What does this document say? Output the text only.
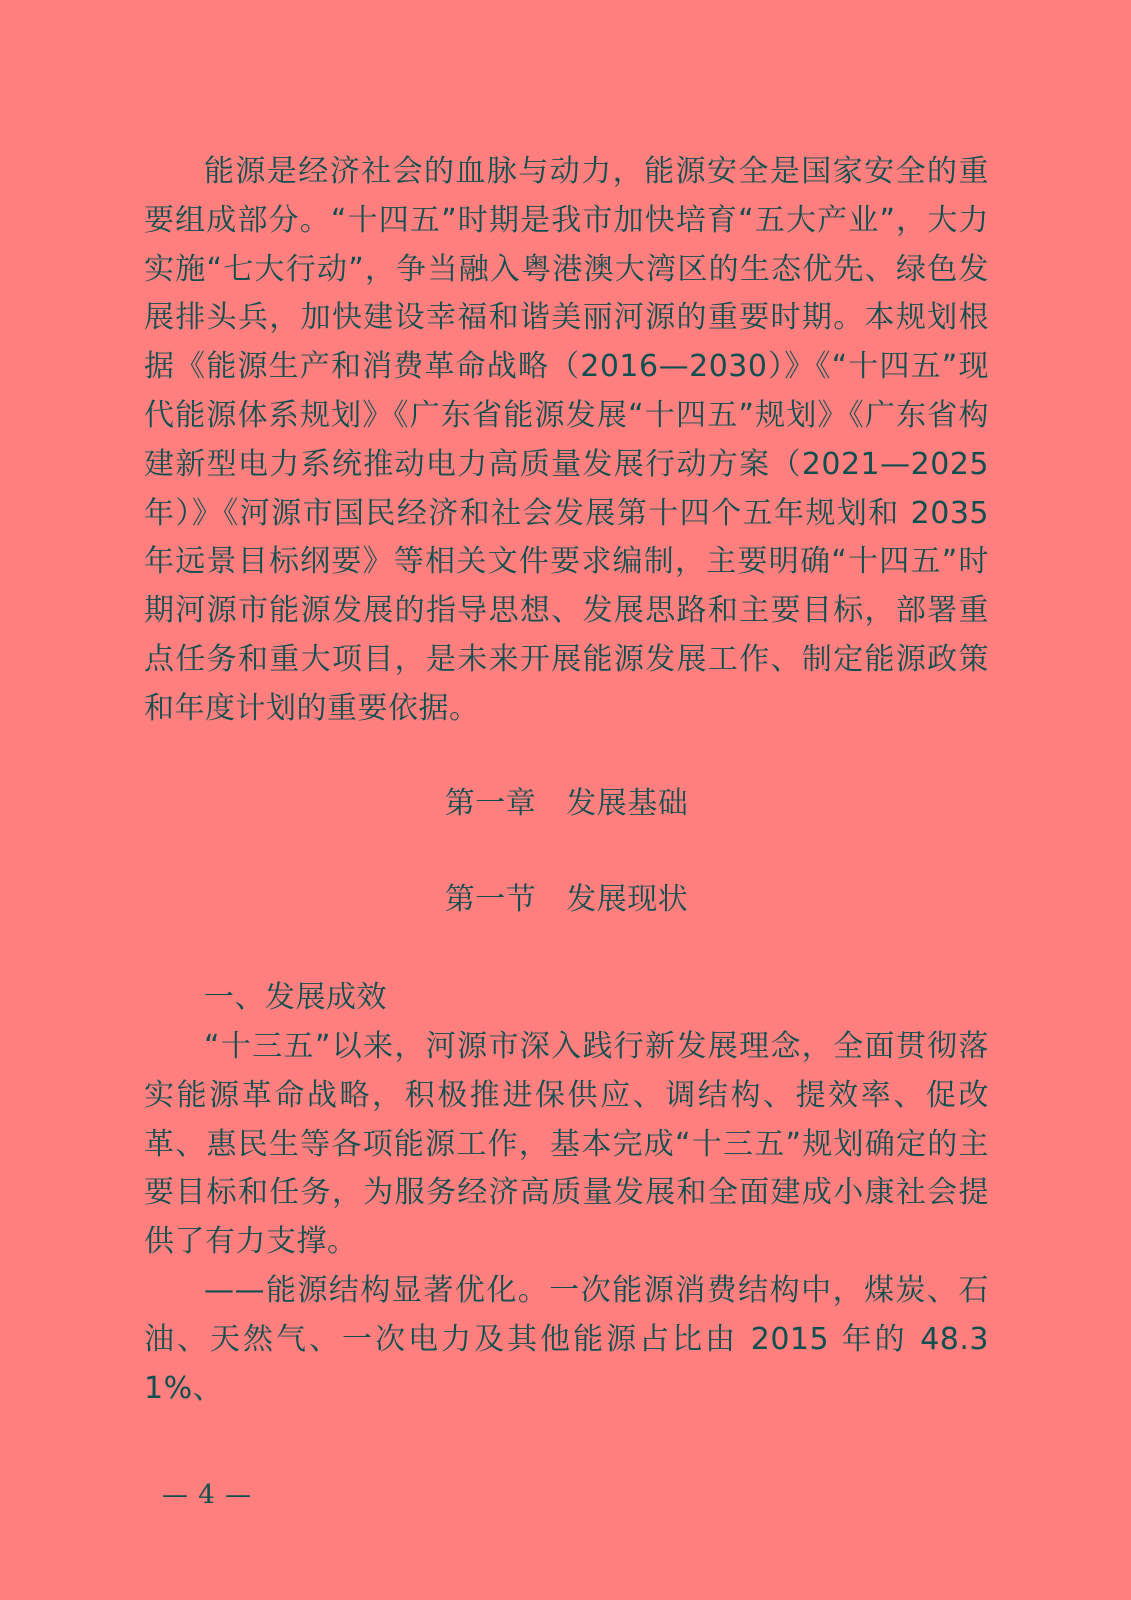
能源是经济社会的血脉与动力，能源安全是国家安全的重要组成部分。“十四五”时期是我市加快培育“五大产业”，大力实施“七大行动”，争当融入粤港澳大湾区的生态优先、绿色发展排头兵，加快建设幸福和谐美丽河源的重要时期。本规划根据《能源生产和消费革命战略（2016—2030）》《“十四五”现代能源体系规划》《广东省能源发展“十四五”规划》《广东省构建新型电力系统推动电力高质量发展行动方案（2021—2025年）》《河源市国民经济和社会发展第十四个五年规划和 2035年远景目标纲要》等相关文件要求编制，主要明确“十四五”时期河源市能源发展的指导思想、发展思路和主要目标，部署重点任务和重大项目，是未来开展能源发展工作、制定能源政策和年度计划的重要依据。

第一章 发展基础

第一节 发展现状

一、发展成效

“十三五”以来，河源市深入践行新发展理念，全面贯彻落实能源革命战略，积极推进保供应、调结构、提效率、促改革、惠民生等各项能源工作，基本完成“十三五”规划确定的主要目标和任务，为服务经济高质量发展和全面建成小康社会提供了有力支撑。

——能源结构显著优化。一次能源消费结构中，煤炭、石油、天然气、一次电力及其他能源占比由 2015 年的 48.31%、

— 4 —
